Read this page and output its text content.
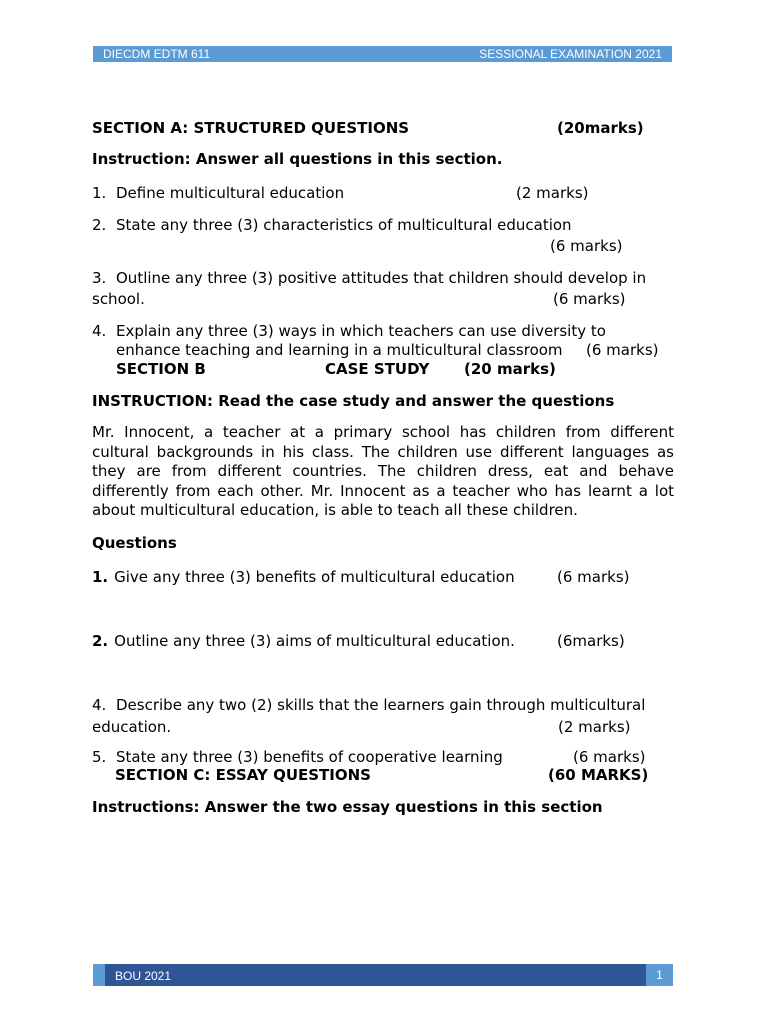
DIECDM EDTM 611	SESSIONAL EXAMINATION 2021
SECTION A: STRUCTURED QUESTIONS	(20marks)
Instruction: Answer all questions in this section.
1. Define multicultural education	(2 marks)
2. State any three (3) characteristics of multicultural education
(6 marks)
3. Outline any three (3) positive attitudes that children should develop in
school.	(6 marks)
4. Explain any three (3) ways in which teachers can use diversity to
enhance teaching and learning in a multicultural classroom	(6 marks)
SECTION B	CASE STUDY (20 marks)
INSTRUCTION: Read the case study and answer the questions
Mr. Innocent, a teacher at a primary school has children from different cultural backgrounds in his class. The children use different languages as they are from different countries. The children dress, eat and behave differently from each other. Mr. Innocent as a teacher who has learnt a lot about multicultural education, is able to teach all these children.
Questions
1. Give any three (3) benefits of multicultural education	(6 marks)
2. Outline any three (3) aims of multicultural education.	(6marks)
4. Describe any two (2) skills that the learners gain through multicultural
education.	(2 marks)
5. State any three (3) benefits of cooperative learning	(6 marks)
SECTION C: ESSAY QUESTIONS	(60 MARKS)
Instructions: Answer the two essay questions in this section
BOU 2021	1
